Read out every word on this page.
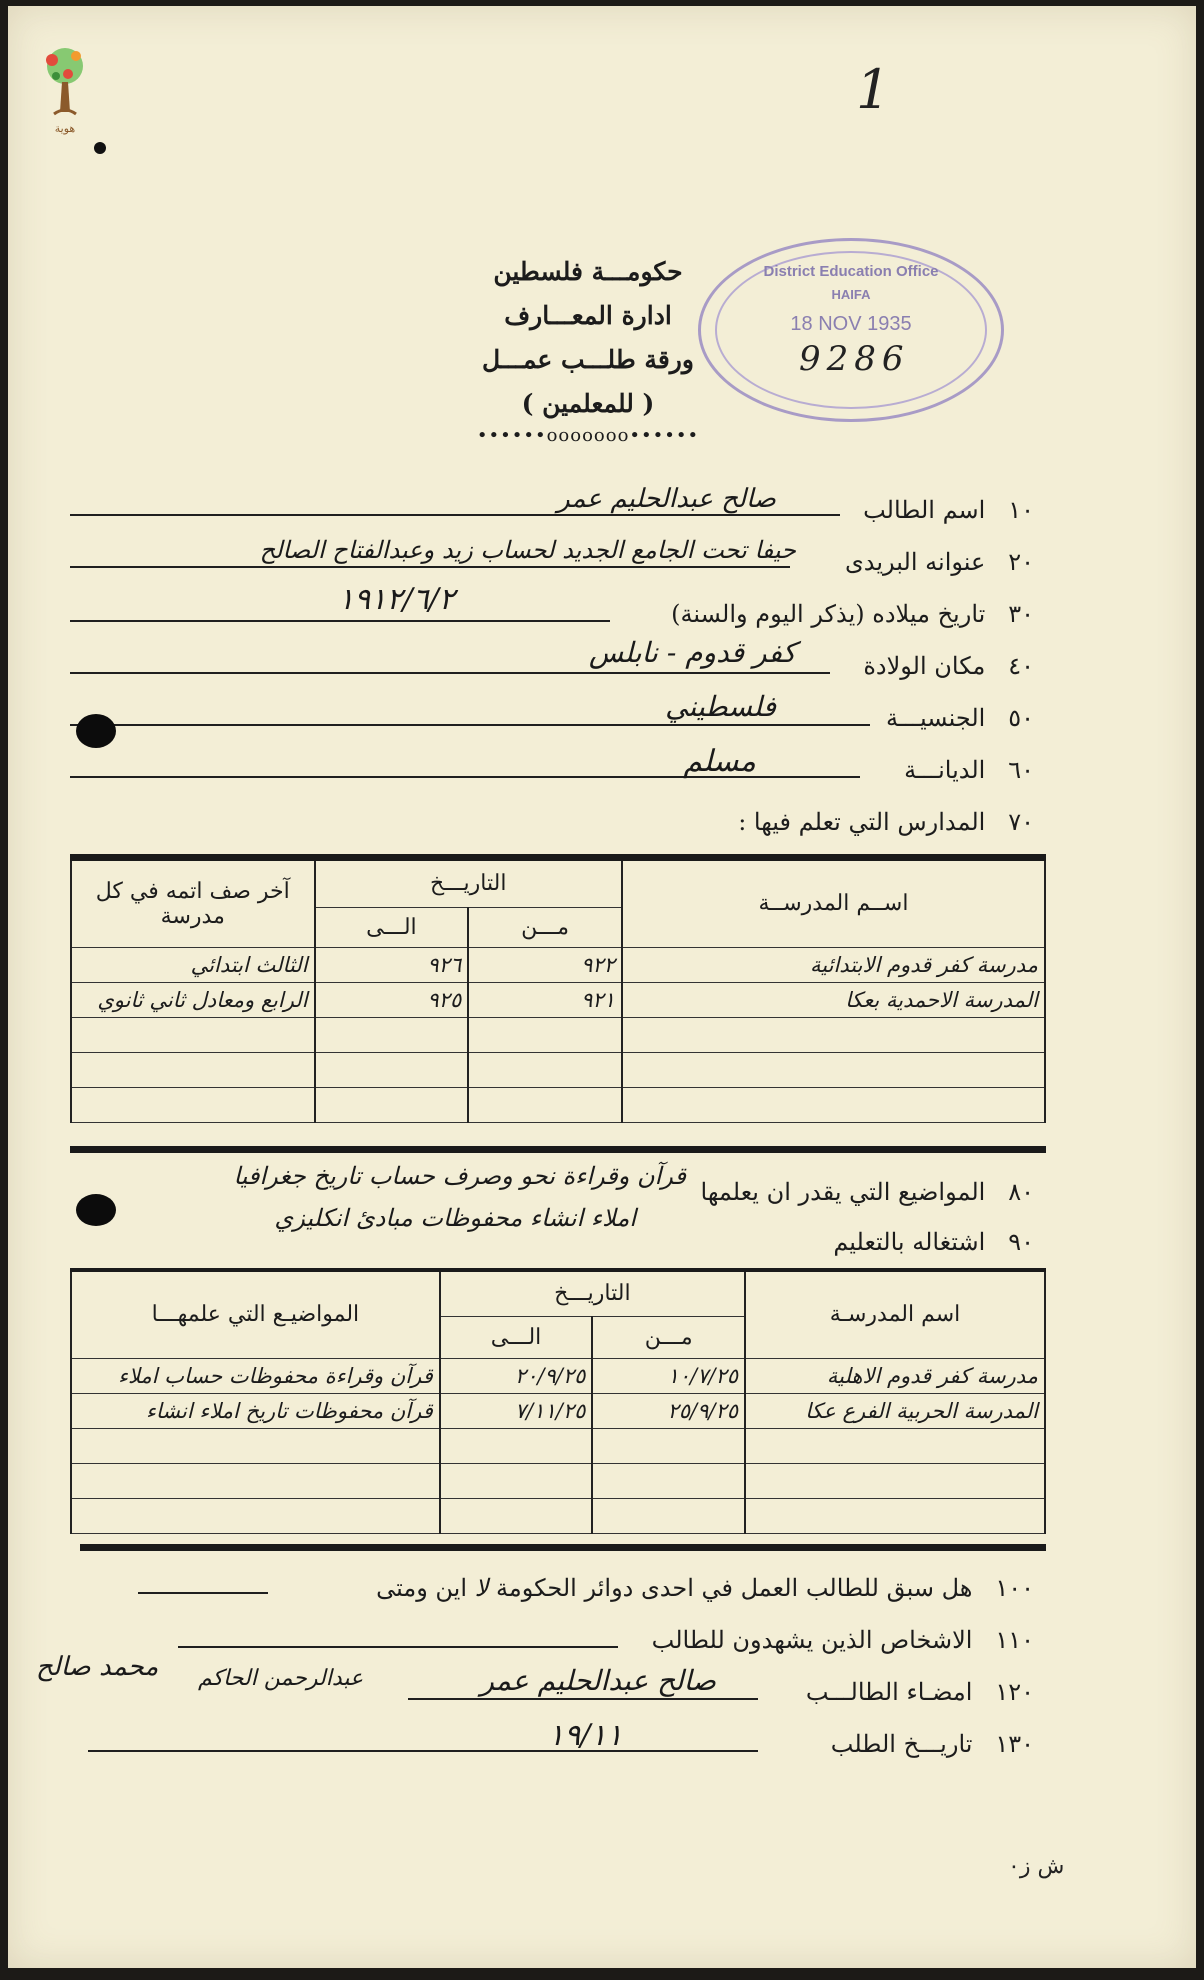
هوية
1
حكومـــة فلسطين
ادارة المعـــارف
ورقة طلـــب عمـــل
( للمعلمين )
••••••ooooooo••••••
District Education Office
HAIFA
18 NOV 1935
9286
١٠   اسم الطالب
صالح عبدالحليم عمر
٢٠   عنوانه البريدى
حيفا تحت الجامع الجديد لحساب زيد وعبدالفتاح الصالح
٣٠   تاريخ ميلاده (يذكر اليوم والسنة)
١٩١٢/٦/٢
٤٠   مكان الولادة
كفر قدوم - نابلس
٥٠   الجنسيـــة
فلسطيني
٦٠   الديانـــة
مسلم
٧٠   المدارس التي تعلم فيها :
اســم المدرســة	التاريـــخ		آخر صف اتمه في كل مدرسة
	مـــن	الـــى	
مدرسة كفر قدوم الابتدائية	٩٢٢	٩٢٦	الثالث ابتدائي
المدرسة الاحمدية بعكا	٩٢١	٩٢٥	الرابع ومعادل ثاني ثانوي

٨٠   المواضيع التي يقدر ان يعلمها
قرآن وقراءة نحو وصرف حساب تاريخ جغرافيا
املاء انشاء محفوظات مبادئ انكليزي
٩٠   اشتغاله بالتعليم
اسم المدرسـة	التاريـــخ		المواضيـع التي علمهـــا
	مـــن	الـــى	
مدرسة كفر قدوم الاهلية	١٠/٧/٢٥	٢٠/٩/٢٥	قرآن وقراءة محفوظات حساب املاء
المدرسة الحربية الفرع عكا	٢٥/٩/٢٥	٧/١١/٢٥	قرآن محفوظات تاريخ املاء انشاء

١٠٠   هل سبق للطالب العمل في احدى دوائر الحكومة لا اين ومتى
١١٠   الاشخاص الذين يشهدون للطالب
١٢٠   امضـاء الطالـــب
صالح عبدالحليم عمر
١٣٠   تاريـــخ الطلب
١٩/١١
محمد صالح عبدالرحمن الحاكم
ش ز٠
